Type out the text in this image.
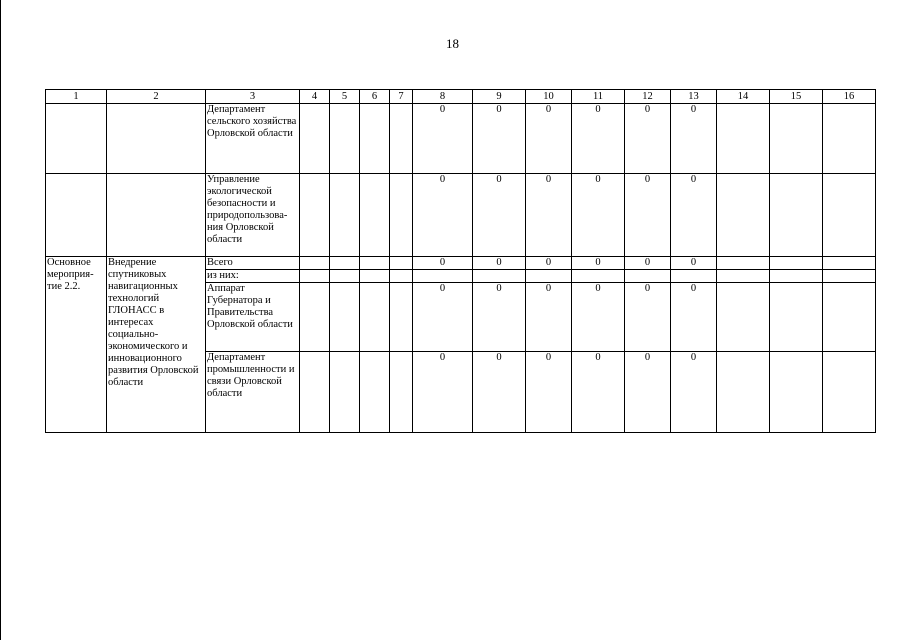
18
1	2	3	4	5	6	7	8	9	10	11	12	13	14	15	16
		Департамент сельского хозяйства Орловской области					0	0	0	0	0	0			
		Управление экологической безопасности и природопользова-ния Орловской области					0	0	0	0	0	0			
Основное мероприя-тие 2.2.	Внедрение спутниковых навигационных технологий ГЛОНАСС в интересах социально-экономического и инновационного развития Орловской области	Всего					0	0	0	0	0	0			
		из них:													
		Аппарат Губернатора и Правительства Орловской области					0	0	0	0	0	0			
		Департамент промышленности и связи Орловской области					0	0	0	0	0	0			
